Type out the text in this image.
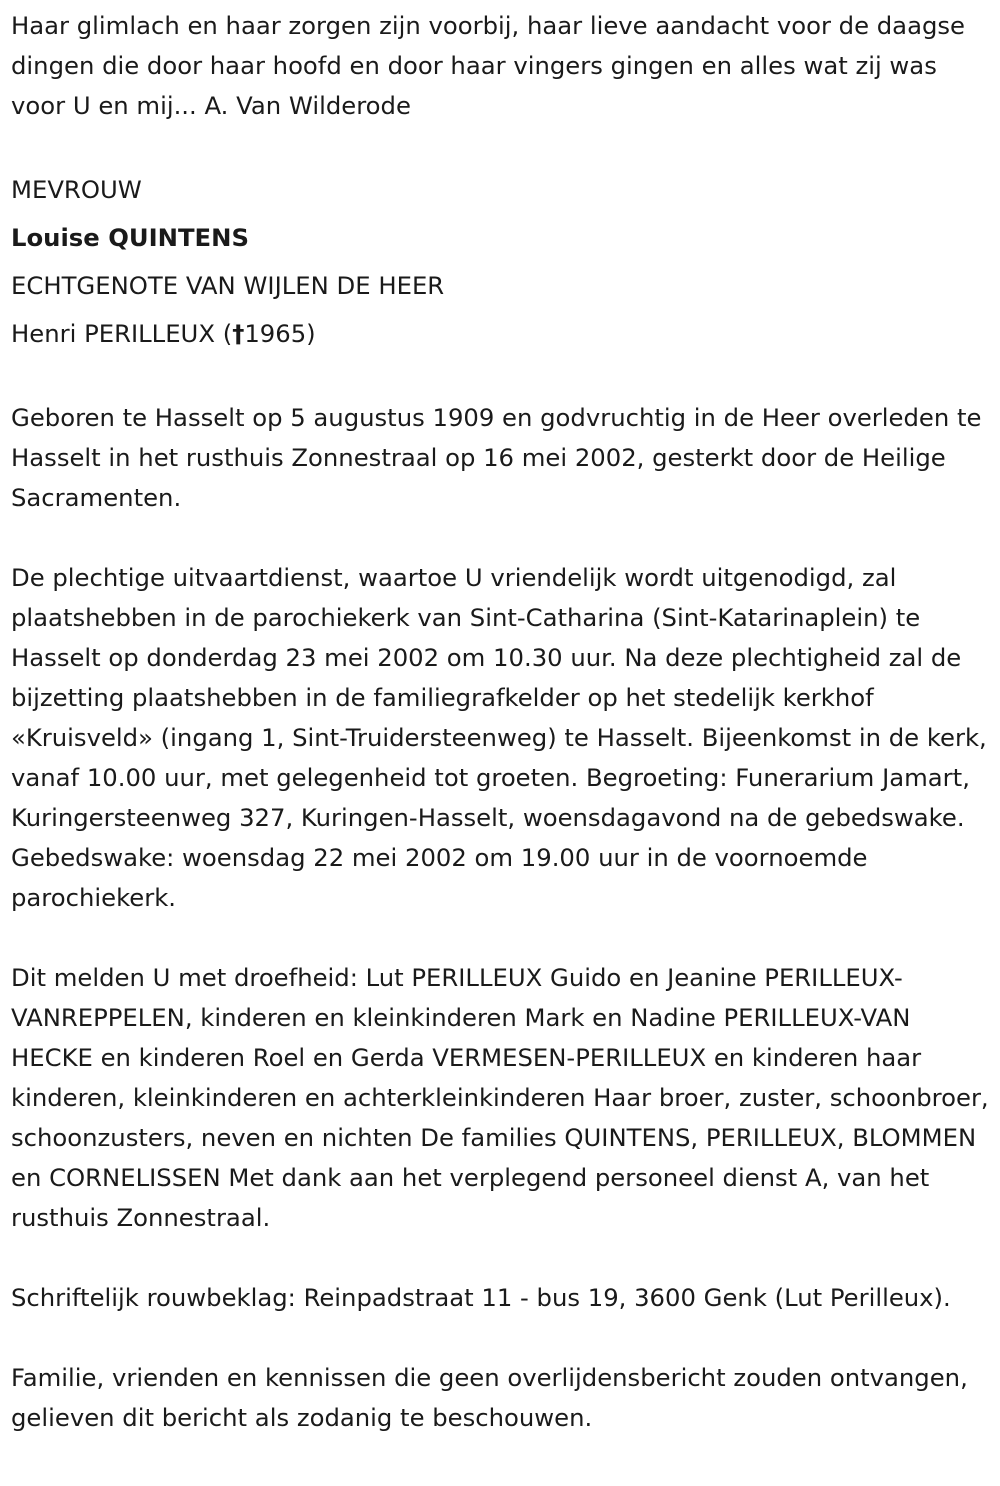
Haar glimlach en haar zorgen zijn voorbij, haar lieve aandacht voor de daagse dingen die door haar hoofd en door haar vingers gingen en alles wat zij was voor U en mij... A. Van Wilderode

MEVROUW

Louise QUINTENS

ECHTGENOTE VAN WIJLEN DE HEER

Henri PERILLEUX (†1965)

Geboren te Hasselt op 5 augustus 1909 en godvruchtig in de Heer overleden te Hasselt in het rusthuis Zonnestraal op 16 mei 2002, gesterkt door de Heilige Sacramenten.

De plechtige uitvaartdienst, waartoe U vriendelijk wordt uitgenodigd, zal plaatshebben in de parochiekerk van Sint-Catharina (Sint-Katarinaplein) te Hasselt op donderdag 23 mei 2002 om 10.30 uur. Na deze plechtigheid zal de bijzetting plaatshebben in de familiegrafkelder op het stedelijk kerkhof «Kruisveld» (ingang 1, Sint-Truidersteenweg) te Hasselt. Bijeenkomst in de kerk, vanaf 10.00 uur, met gelegenheid tot groeten. Begroeting: Funerarium Jamart, Kuringersteenweg 327, Kuringen-Hasselt, woensdagavond na de gebedswake. Gebedswake: woensdag 22 mei 2002 om 19.00 uur in de voornoemde parochiekerk.

Dit melden U met droefheid: Lut PERILLEUX Guido en Jeanine PERILLEUX-VANREPPELEN, kinderen en kleinkinderen Mark en Nadine PERILLEUX-VAN HECKE en kinderen Roel en Gerda VERMESEN-PERILLEUX en kinderen haar kinderen, kleinkinderen en achterkleinkinderen Haar broer, zuster, schoonbroer, schoonzusters, neven en nichten De families QUINTENS, PERILLEUX, BLOMMEN en CORNELISSEN Met dank aan het verplegend personeel dienst A, van het rusthuis Zonnestraal.

Schriftelijk rouwbeklag: Reinpadstraat 11 - bus 19, 3600 Genk (Lut Perilleux).

Familie, vrienden en kennissen die geen overlijdensbericht zouden ontvangen, gelieven dit bericht als zodanig te beschouwen.
